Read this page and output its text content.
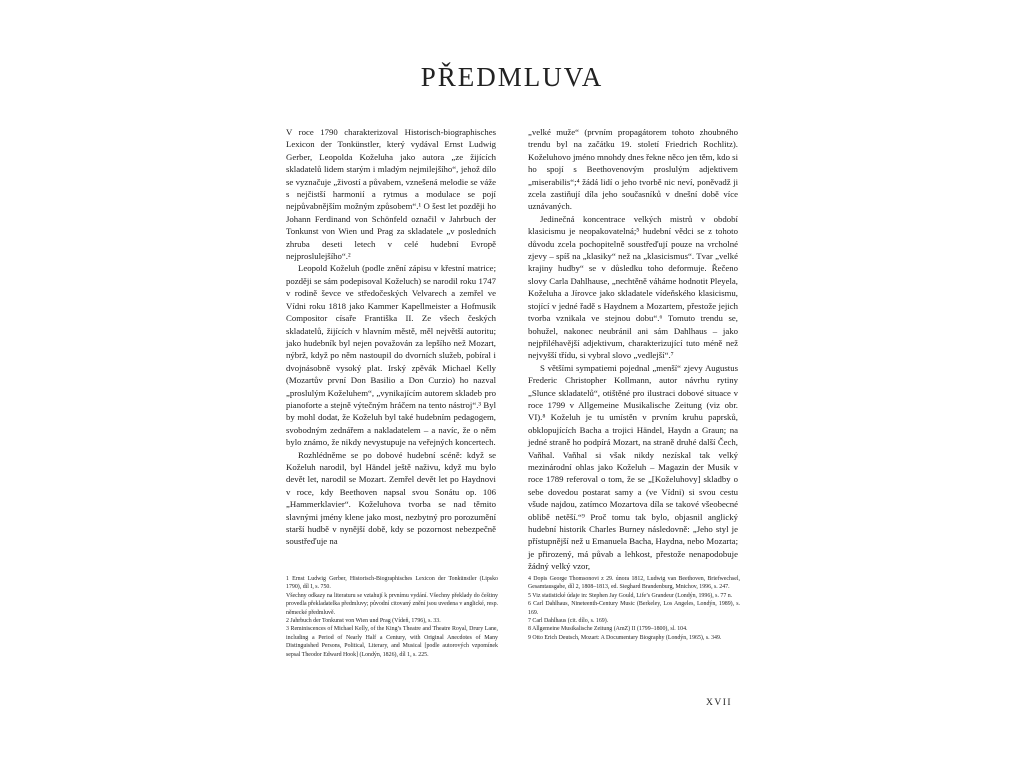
PŘEDMLUVA

V roce 1790 charakterizoval Historisch-biographisches Lexicon der Tonkünstler, který vydával Ernst Ludwig Gerber, Leopolda Koželuha jako autora „ze žijících skladatelů lidem starým i mladým nejmilejšího“, jehož dílo se vyznačuje „živostí a půvabem, vznešená melodie se váže s nejčistší harmonií a rytmus a modulace se pojí nejpůvabnějším možným způsobem“.¹ O šest let později ho Johann Ferdinand von Schönfeld označil v Jahrbuch der Tonkunst von Wien und Prag za skladatele „v posledních zhruba deseti letech v celé hudební Evropě nejproslulejšího“.²

Leopold Koželuh (podle znění zápisu v křestní matrice; později se sám podepisoval Koželuch) se narodil roku 1747 v rodině ševce ve středočeských Velvarech a zemřel ve Vídni roku 1818 jako Kammer Kapellmeister a Hofmusik Compositor císaře Františka II. Ze všech českých skladatelů, žijících v hlavním městě, měl největší autoritu; jako hudebník byl nejen považován za lepšího než Mozart, nýbrž, když po něm nastoupil do dvorních služeb, pobíral i dvojnásobně vysoký plat. Irský zpěvák Michael Kelly (Mozartův první Don Basilio a Don Curzio) ho nazval „proslulým Koželuhem“, „vynikajícím autorem skladeb pro pianoforte a stejně výtečným hráčem na tento nástroj“.³ Byl by mohl dodat, že Koželuh byl také hudebním pedagogem, svobodným zednářem a nakladatelem – a navíc, že o něm bylo známo, že nikdy nevystupuje na veřejných koncertech.

Rozhlédněme se po dobové hudební scéně: když se Koželuh narodil, byl Händel ještě naživu, když mu bylo devět let, narodil se Mozart. Zemřel devět let po Haydnovi v roce, kdy Beethoven napsal svou Sonátu op. 106 „Hammerklavier“. Koželuhova tvorba se nad těmito slavnými jmény klene jako most, nezbytný pro porozumění starší hudbě v nynější době, kdy se pozornost nebezpečně soustřeďuje na

„velké muže“ (prvním propagátorem tohoto zhoubného trendu byl na začátku 19. století Friedrich Rochlitz). Koželuhovo jméno mnohdy dnes řekne něco jen těm, kdo si ho spojí s Beethovenovým proslulým adjektivem „miserabilis“;⁴ žádá lidí o jeho tvorbě nic neví, poněvadž ji zcela zastiňují díla jeho současníků v dnešní době více uznávaných.

Jedinečná koncentrace velkých mistrů v období klasicismu je neopakovatelná;⁵ hudební vědci se z tohoto důvodu zcela pochopitelně soustřeďují pouze na vrcholné zjevy – spíš na „klasiky“ než na „klasicismus“. Tvar „velké krajiny hudby“ se v důsledku toho deformuje. Řečeno slovy Carla Dahlhause, „nechtěně váháme hodnotit Pleyela, Koželuha a Jírovce jako skladatele vídeňského klasicismu, stojící v jedné řadě s Haydnem a Mozartem, přestože jejich tvorba vznikala ve stejnou dobu“.⁶ Tomuto trendu se, bohužel, nakonec neubránil ani sám Dahlhaus – jako nejpřiléhavější adjektivum, charakterizující tuto méně než nejvyšší třídu, si vybral slovo „vedlejší“.⁷

S většími sympatiemi pojednal „menší“ zjevy Augustus Frederic Christopher Kollmann, autor návrhu rytiny „Slunce skladatelů“, otištěné pro ilustraci dobové situace v roce 1799 v Allgemeine Musikalische Zeitung (viz obr. VI).⁸ Koželuh je tu umístěn v prvním kruhu paprsků, obklopujících Bacha a trojici Händel, Haydn a Graun; na jedné straně ho podpírá Mozart, na straně druhé další Čech, Vaňhal. Vaňhal si však nikdy nezískal tak velký mezinárodní ohlas jako Koželuh – Magazin der Musik v roce 1789 referoval o tom, že se „[Koželuhovy] skladby o sebe dovedou postarat samy a (ve Vídni) si svou cestu všude najdou, zatímco Mozartova díla se takové všeobecné oblibě netěší.“⁹ Proč tomu tak bylo, objasnil anglický hudební historik Charles Burney následovně: „Jeho styl je přístupnější než u Emanuela Bacha, Haydna, nebo Mozarta; je přirozený, má půvab a lehkost, přestože nenapodobuje žádný velký vzor,

1 Ernst Ludwig Gerber, Historisch-Biographisches Lexicon der Tonkünstler (Lipsko 1790), díl I, s. 750.

Všechny odkazy na literaturu se vztahují k prvnímu vydání. Všechny překlady do češtiny provedla překladatelka předmluvy; původní citovaný znění jsou uvedena v anglické, resp. německé předmluvě.

2 Jahrbuch der Tonkunst von Wien und Prag (Vídeň, 1796), s. 33.

3 Reminiscences of Michael Kelly, of the King’s Theatre and Theatre Royal, Drury Lane, including a Period of Nearly Half a Century, with Original Anecdotes of Many Distinguished Persons, Political, Literary, and Musical [podle autorových vzpomínek sepsal Theodor Edward Hook] (Londýn, 1826), díl 1, s. 225.

4 Dopis George Thomsonovi z 29. února 1812, Ludwig van Beethoven, Briefwechsel, Gesamtausgabe, díl 2, 1808–1813, ed. Sieghard Brandenburg, Mnichov, 1996, s. 247.

5 Viz statistické údaje in: Stephen Jay Gould, Life’s Grandeur (Londýn, 1996), s. 77 n.

6 Carl Dahlhaus, Nineteenth-Century Music (Berkeley, Los Angeles, Londýn, 1989), s. 169.

7 Carl Dahlhaus (cit. dílo, s. 169).

8 Allgemeine Musikalische Zeitung (AmZ) II (1799–1800), sl. 104.

9 Otto Erich Deutsch, Mozart: A Documentary Biography (Londýn, 1965), s. 349.

XVII
